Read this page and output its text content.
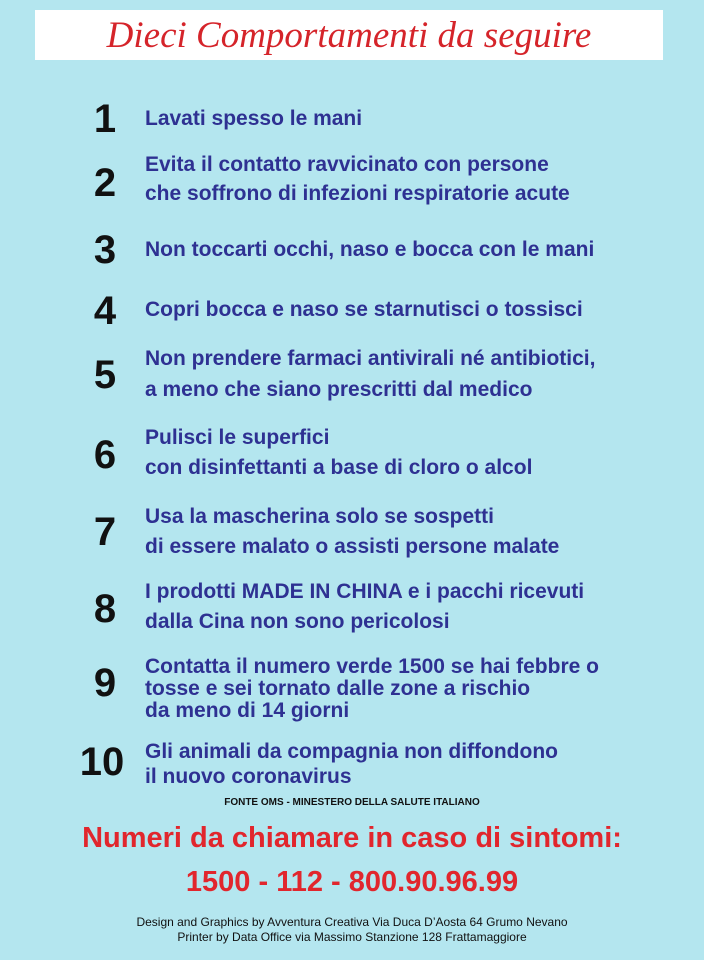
Dieci Comportamenti da seguire
1	Lavati spesso le mani
2	Evita il contatto ravvicinato con persone
che soffrono di infezioni respiratorie acute
3	Non toccarti occhi, naso e bocca con le mani
4	Copri bocca e naso se starnutisci o tossisci
5	Non prendere farmaci antivirali né antibiotici,
a meno che siano prescritti dal medico
6	Pulisci le superfici
con disinfettanti a base di cloro o alcol
7	Usa la mascherina solo se sospetti
di essere malato o assisti persone malate
8	I prodotti MADE IN CHINA e i pacchi ricevuti
dalla Cina non sono pericolosi
9	Contatta il numero verde 1500 se hai febbre o
tosse e sei tornato dalle zone a rischio
da meno di 14 giorni
10 Gli animali da compagnia non diffondono
il nuovo coronavirus
FONTE OMS - MINESTERO DELLA SALUTE ITALIANO
Numeri da chiamare in caso di sintomi:
1500 - 112 - 800.90.96.99
Design and Graphics by Avventura Creativa Via Duca D’Aosta 64 Grumo Nevano
Printer by Data Office via Massimo Stanzione 128 Frattamaggiore
